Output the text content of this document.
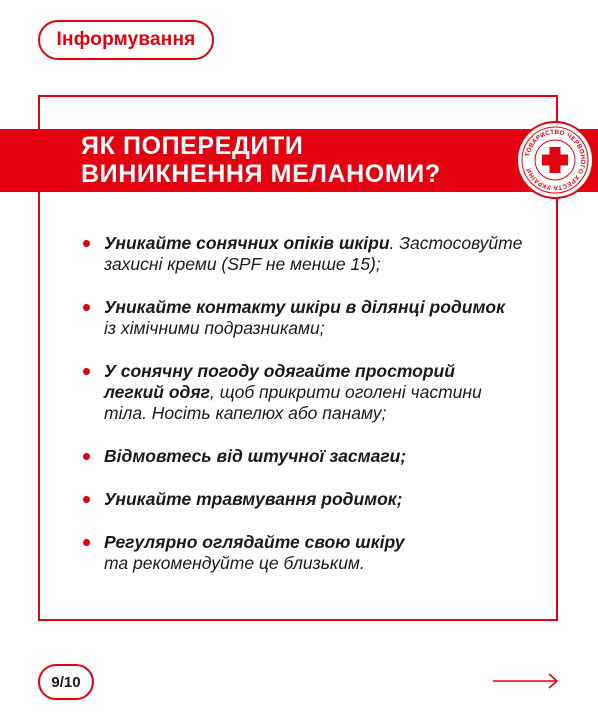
Інформування
ЯК ПОПЕРЕДИТИ
ВИНИКНЕННЯ МЕЛАНОМИ?
ТОВАРИСТВО ЧЕРВОНОГО ХРЕСТА УКРАЇНИ
Уникайте сонячних опіків шкіри. Застосовуйте
захисні креми (SPF не менше 15);
Уникайте контакту шкіри в ділянці родимок
із хімічними подразниками;
У сонячну погоду одягайте просторий
легкий одяг, щоб прикрити оголені частини
тіла. Носіть капелюх або панаму;
Відмовтесь від штучної засмаги;
Уникайте травмування родимок;
Регулярно оглядайте свою шкіру
та рекомендуйте це близьким.
9/10
